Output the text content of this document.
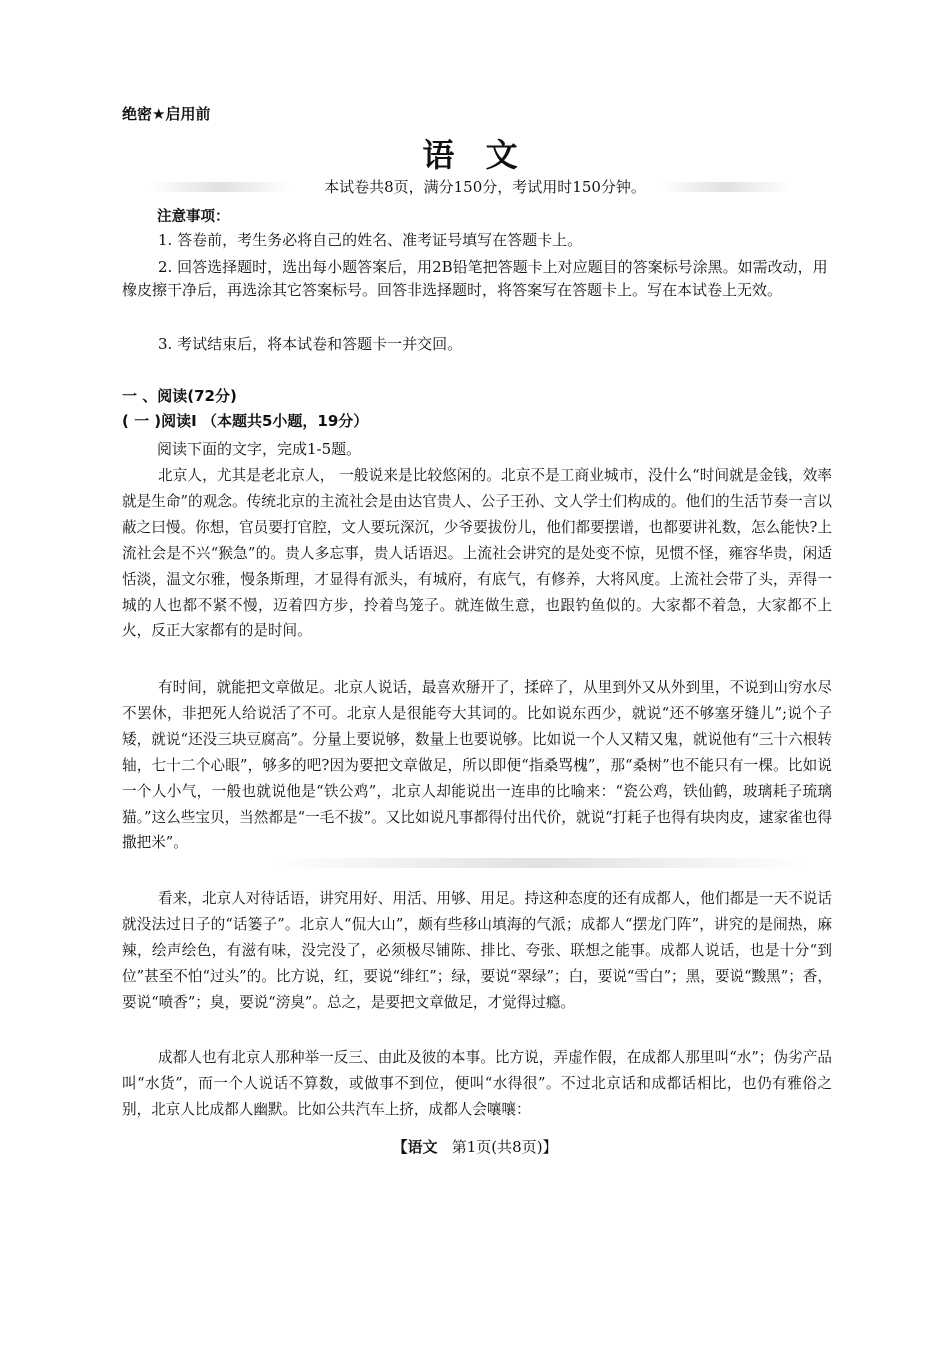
绝密★启用前
语 文
本试卷共8页，满分150分，考试用时150分钟。
注意事项：

1. 答卷前，考生务必将自己的姓名、准考证号填写在答题卡上。

2. 回答选择题时，选出每小题答案后，用2B铅笔把答题卡上对应题目的答案标号涂黑。如需改动，用橡皮擦干净后，再选涂其它答案标号。回答非选择题时，将答案写在答题卡上。写在本试卷上无效。

3. 考试结束后，将本试卷和答题卡一并交回。

一 、阅读(72分)
( 一 )阅读Ⅰ （本题共5小题，19分）
阅读下面的文字，完成1-5题。

北京人，尤其是老北京人， 一般说来是比较悠闲的。北京不是工商业城市，没什么“时间就是金钱，效率就是生命”的观念。传统北京的主流社会是由达官贵人、公子王孙、文人学士们构成的。他们的生活节奏一言以蔽之曰慢。你想，官员要打官腔，文人要玩深沉，少爷要拔份儿，他们都要摆谱，也都要讲礼数，怎么能快?上流社会是不兴“猴急”的。贵人多忘事，贵人话语迟。上流社会讲究的是处变不惊，见惯不怪，雍容华贵，闲适恬淡，温文尔雅，慢条斯理，才显得有派头，有城府，有底气，有修养，大将风度。上流社会带了头，弄得一城的人也都不紧不慢，迈着四方步，拎着鸟笼子。就连做生意，也跟钓鱼似的。大家都不着急，大家都不上火，反正大家都有的是时间。

有时间，就能把文章做足。北京人说话，最喜欢掰开了，揉碎了，从里到外又从外到里，不说到山穷水尽不罢休，非把死人给说活了不可。北京人是很能夸大其词的。比如说东西少，就说“还不够塞牙缝儿”;说个子矮，就说“还没三块豆腐高”。分量上要说够，数量上也要说够。比如说一个人又精又鬼，就说他有“三十六根转轴，七十二个心眼”，够多的吧?因为要把文章做足，所以即便“指桑骂槐”，那“桑树”也不能只有一棵。比如说一个人小气，一般也就说他是“铁公鸡”，北京人却能说出一连串的比喻来：“瓷公鸡，铁仙鹤，玻璃耗子琉璃猫。”这么些宝贝，当然都是“一毛不拔”。又比如说凡事都得付出代价，就说“打耗子也得有块肉皮，逮家雀也得撒把米”。

看来，北京人对待话语，讲究用好、用活、用够、用足。持这种态度的还有成都人，他们都是一天不说话就没法过日子的“话篓子”。北京人“侃大山”，颇有些移山填海的气派；成都人“摆龙门阵”，讲究的是闹热，麻辣，绘声绘色，有滋有味，没完没了，必须极尽铺陈、排比、夸张、联想之能事。成都人说话，也是十分“到位”甚至不怕“过头”的。比方说，红，要说“绯红”；绿，要说“翠绿”；白，要说“雪白”；黑，要说“黢黑”；香，要说“喷香”；臭，要说“滂臭”。总之，是要把文章做足，才觉得过瘾。

成都人也有北京人那种举一反三、由此及彼的本事。比方说，弄虚作假，在成都人那里叫“水”；伪劣产品叫“水货”，而一个人说话不算数，或做事不到位，便叫“水得很”。不过北京话和成都话相比，也仍有雅俗之别，北京人比成都人幽默。比如公共汽车上挤，成都人会嚷嚷：

【语文 第1页(共8页)】
